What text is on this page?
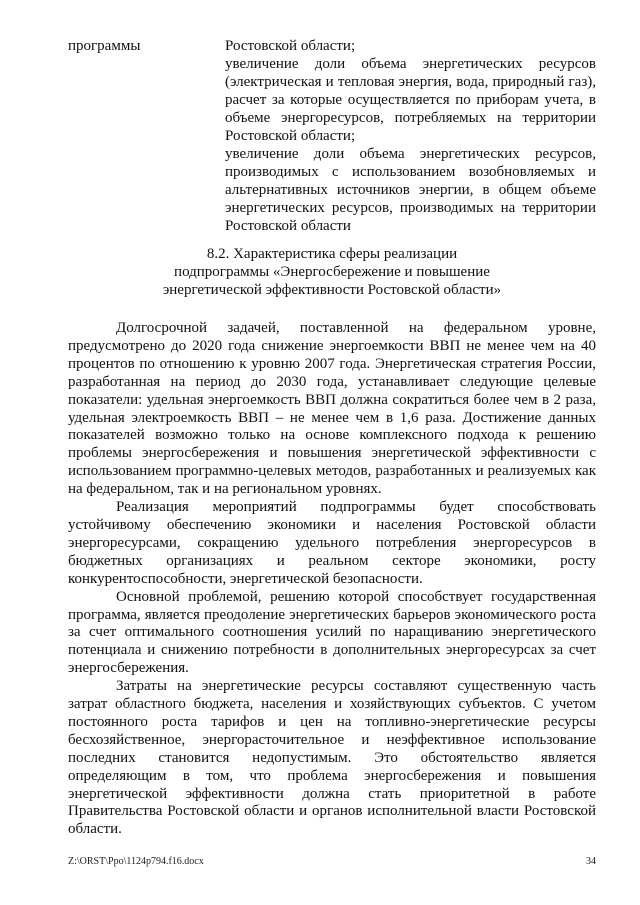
программы	Ростовской области;

увеличение доли объема энергетических ресурсов (электрическая и тепловая энергия, вода, природный газ), расчет за которые осуществляется по приборам учета, в объеме энергоресурсов, потребляемых на территории Ростовской области;

увеличение доли объема энергетических ресурсов, производимых с использованием возобновляемых и альтернативных источников энергии, в общем объеме энергетических ресурсов, производимых на территории Ростовской области

8.2. Характеристика сферы реализации
подпрограммы «Энергосбережение и повышение
энергетической эффективности Ростовской области»

Долгосрочной задачей, поставленной на федеральном уровне, предусмотрено до 2020 года снижение энергоемкости ВВП не менее чем на 40 процентов по отношению к уровню 2007 года. Энергетическая стратегия России, разработанная на период до 2030 года, устанавливает следующие целевые показатели: удельная энергоемкость ВВП должна сократиться более чем в 2 раза, удельная электроемкость ВВП – не менее чем в 1,6 раза. Достижение данных показателей возможно только на основе комплексного подхода к решению проблемы энергосбережения и повышения энергетической эффективности с использованием программно-целевых методов, разработанных и реализуемых как на федеральном, так и на региональном уровнях.

Реализация мероприятий подпрограммы будет способствовать устойчивому обеспечению экономики и населения Ростовской области энергоресурсами, сокращению удельного потребления энергоресурсов в бюджетных организациях и реальном секторе экономики, росту конкурентоспособности, энергетической безопасности.

Основной проблемой, решению которой способствует государственная программа, является преодоление энергетических барьеров экономического роста за счет оптимального соотношения усилий по наращиванию энергетического потенциала и снижению потребности в дополнительных энергоресурсах за счет энергосбережения.

Затраты на энергетические ресурсы составляют существенную часть затрат областного бюджета, населения и хозяйствующих субъектов. С учетом постоянного роста тарифов и цен на топливно-энергетические ресурсы бесхозяйственное, энергорасточительное и неэффективное использование последних становится недопустимым. Это обстоятельство является определяющим в том, что проблема энергосбережения и повышения энергетической эффективности должна стать приоритетной в работе Правительства Ростовской области и органов исполнительной власти Ростовской области.

Z:\ORST\Ppo\1124p794.f16.docx	34
